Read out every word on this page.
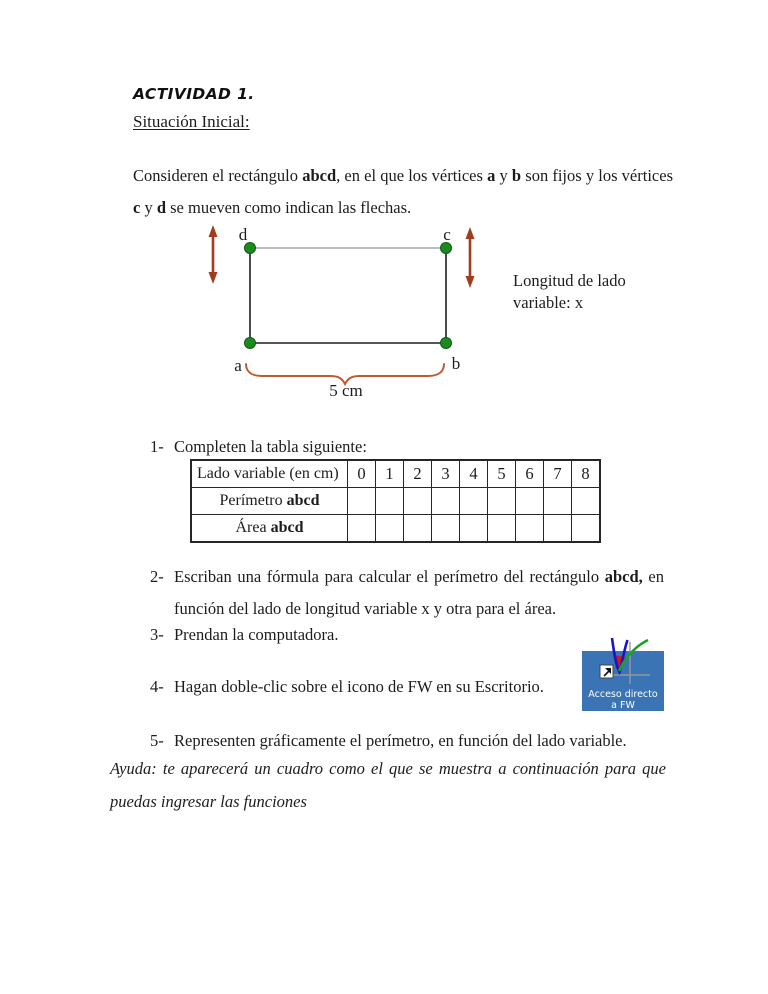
ACTIVIDAD 1.
Situación Inicial:
Consideren el rectángulo abcd, en el que los vértices a y b son fijos y los vértices c y d se mueven como indican las flechas.
d	c
a	b
Longitud de lado
variable: x
5 cm
1- Completen la tabla siguiente:
Lado variable (en cm)	0	1	2	3	4	5	6	7	8
Perímetro abcd									
Área abcd									
2- Escriban una fórmula para calcular el perímetro del rectángulo abcd, en función del lado de longitud variable x y otra para el área.
3- Prendan la computadora.
4- Hagan doble-clic sobre el icono de FW en su Escritorio.	Acceso directo
a FW
5- Representen gráficamente el perímetro, en función del lado variable.
Ayuda: te aparecerá un cuadro como el que se muestra a continuación para que puedas ingresar las funciones
